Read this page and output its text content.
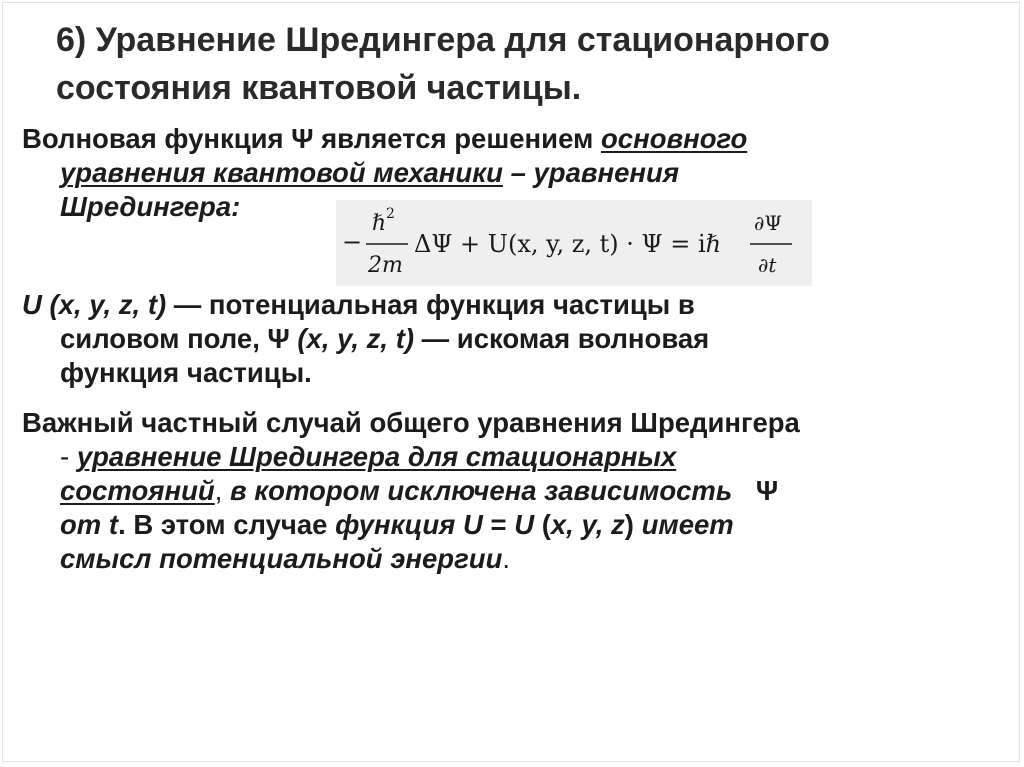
6) Уравнение Шредингера для стационарного
состояния квантовой частицы.
Волновая функция Ψ является решением основного
уравнения квантовой механики – уравнения
Шредингера:
−
ℏ 2
2m
ΔΨ + U(x, y, z, t) · Ψ = iℏ
∂Ψ
∂t
U (x, y, z, t) — потенциальная функция частицы в
силовом поле, Ψ (x, y, z, t) — искомая волновая
функция частицы.
Важный частный случай общего уравнения Шредингера
- уравнение Шредингера для стационарных
состояний, в котором исключена зависимость Ψ
от t. В этом случае функция U = U (x, y, z) имеет
смысл потенциальной энергии.
